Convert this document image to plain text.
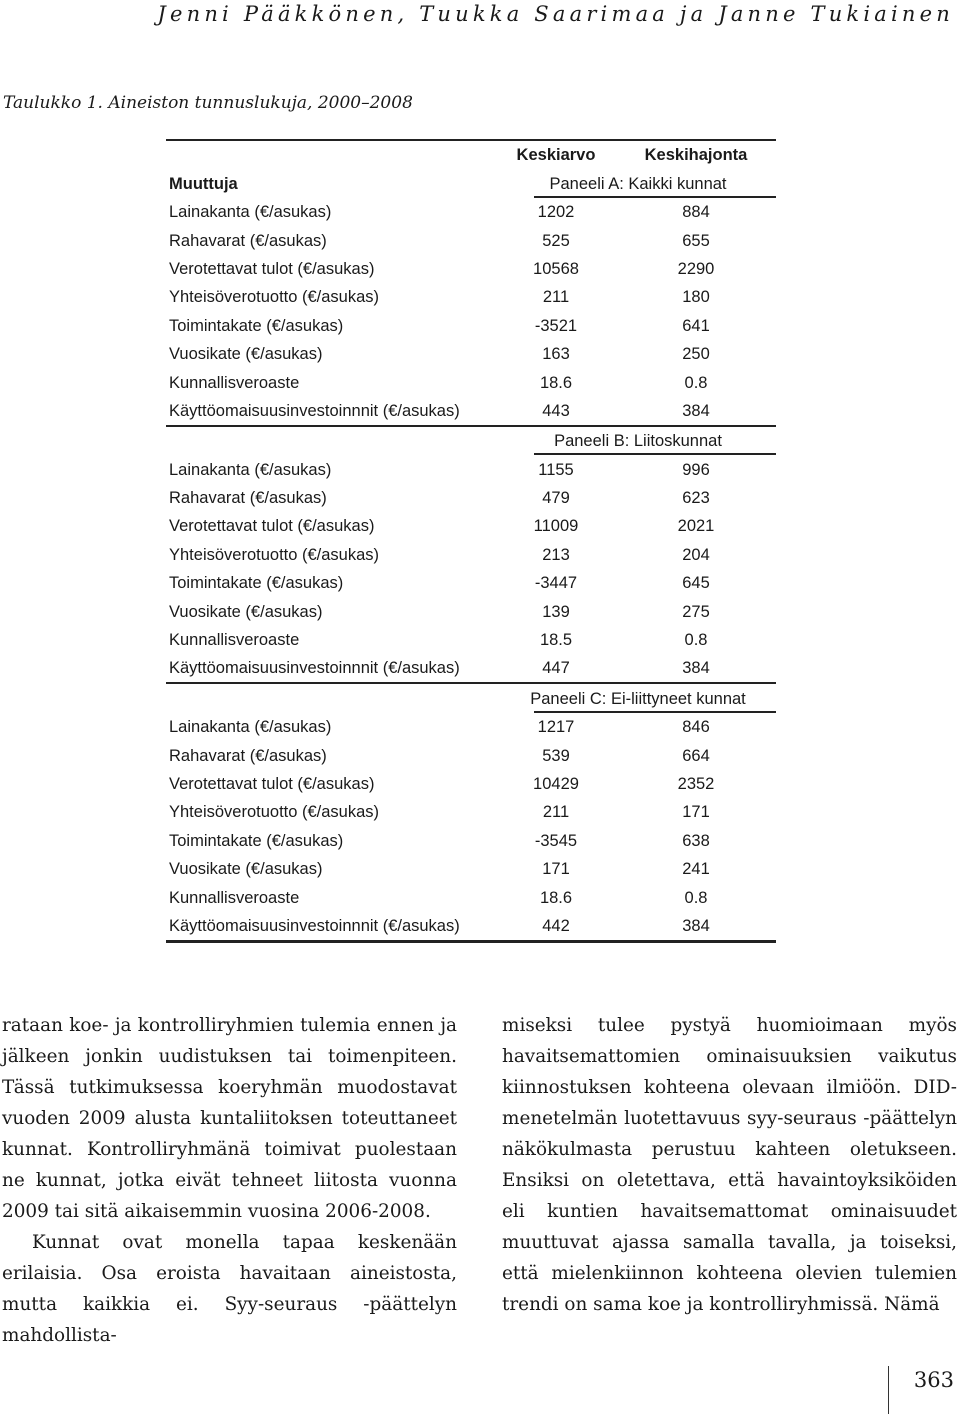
Jenni Pääkkönen, Tuukka Saarimaa ja Janne Tukiainen
Taulukko 1. Aineiston tunnuslukuja, 2000–2008
Keskiarvo	Keskihajonta
Muuttuja	Paneeli A: Kaikki kunnat
Lainakanta (€/asukas)	1202	884
Rahavarat (€/asukas)	525	655
Verotettavat tulot (€/asukas)	10568	2290
Yhteisöverotuotto (€/asukas)	211	180
Toimintakate (€/asukas)	-3521	641
Vuosikate (€/asukas)	163	250
Kunnallisveroaste	18.6	0.8
Käyttöomaisuusinvestoinnnit (€/asukas)	443	384
Paneeli B: Liitoskunnat
Lainakanta (€/asukas)	1155	996
Rahavarat (€/asukas)	479	623
Verotettavat tulot (€/asukas)	11009	2021
Yhteisöverotuotto (€/asukas)	213	204
Toimintakate (€/asukas)	-3447	645
Vuosikate (€/asukas)	139	275
Kunnallisveroaste	18.5	0.8
Käyttöomaisuusinvestoinnnit (€/asukas)	447	384
Paneeli C: Ei-liittyneet kunnat
Lainakanta (€/asukas)	1217	846
Rahavarat (€/asukas)	539	664
Verotettavat tulot (€/asukas)	10429	2352
Yhteisöverotuotto (€/asukas)	211	171
Toimintakate (€/asukas)	-3545	638
Vuosikate (€/asukas)	171	241
Kunnallisveroaste	18.6	0.8
Käyttöomaisuusinvestoinnnit (€/asukas)	442	384

rataan koe- ja kontrolliryhmien tulemia ennen ja jälkeen jonkin uudistuksen tai toimenpiteen. Tässä tutkimuksessa koeryhmän muodostavat vuoden 2009 alusta kuntaliitoksen toteuttaneet kunnat. Kontrolliryhmänä toimivat puolestaan ne kunnat, jotka eivät tehneet liitosta vuonna 2009 tai sitä aikaisemmin vuosina 2006-2008.

Kunnat ovat monella tapaa keskenään erilaisia. Osa eroista havaitaan aineistosta, mutta kaikkia ei. Syy-seuraus -päättelyn mahdollista-

miseksi tulee pystyä huomioimaan myös havaitsemattomien ominaisuuksien vaikutus kiinnostuksen kohteena olevaan ilmiöön. DID-menetelmän luotettavuus syy-seuraus -päättelyn näkökulmasta perustuu kahteen oletukseen. Ensiksi on oletettava, että havaintoyksiköiden eli kuntien havaitsemattomat ominaisuudet muuttuvat ajassa samalla tavalla, ja toiseksi, että mielenkiinnon kohteena olevien tulemien trendi on sama koe ja kontrolliryhmissä. Nämä

363
